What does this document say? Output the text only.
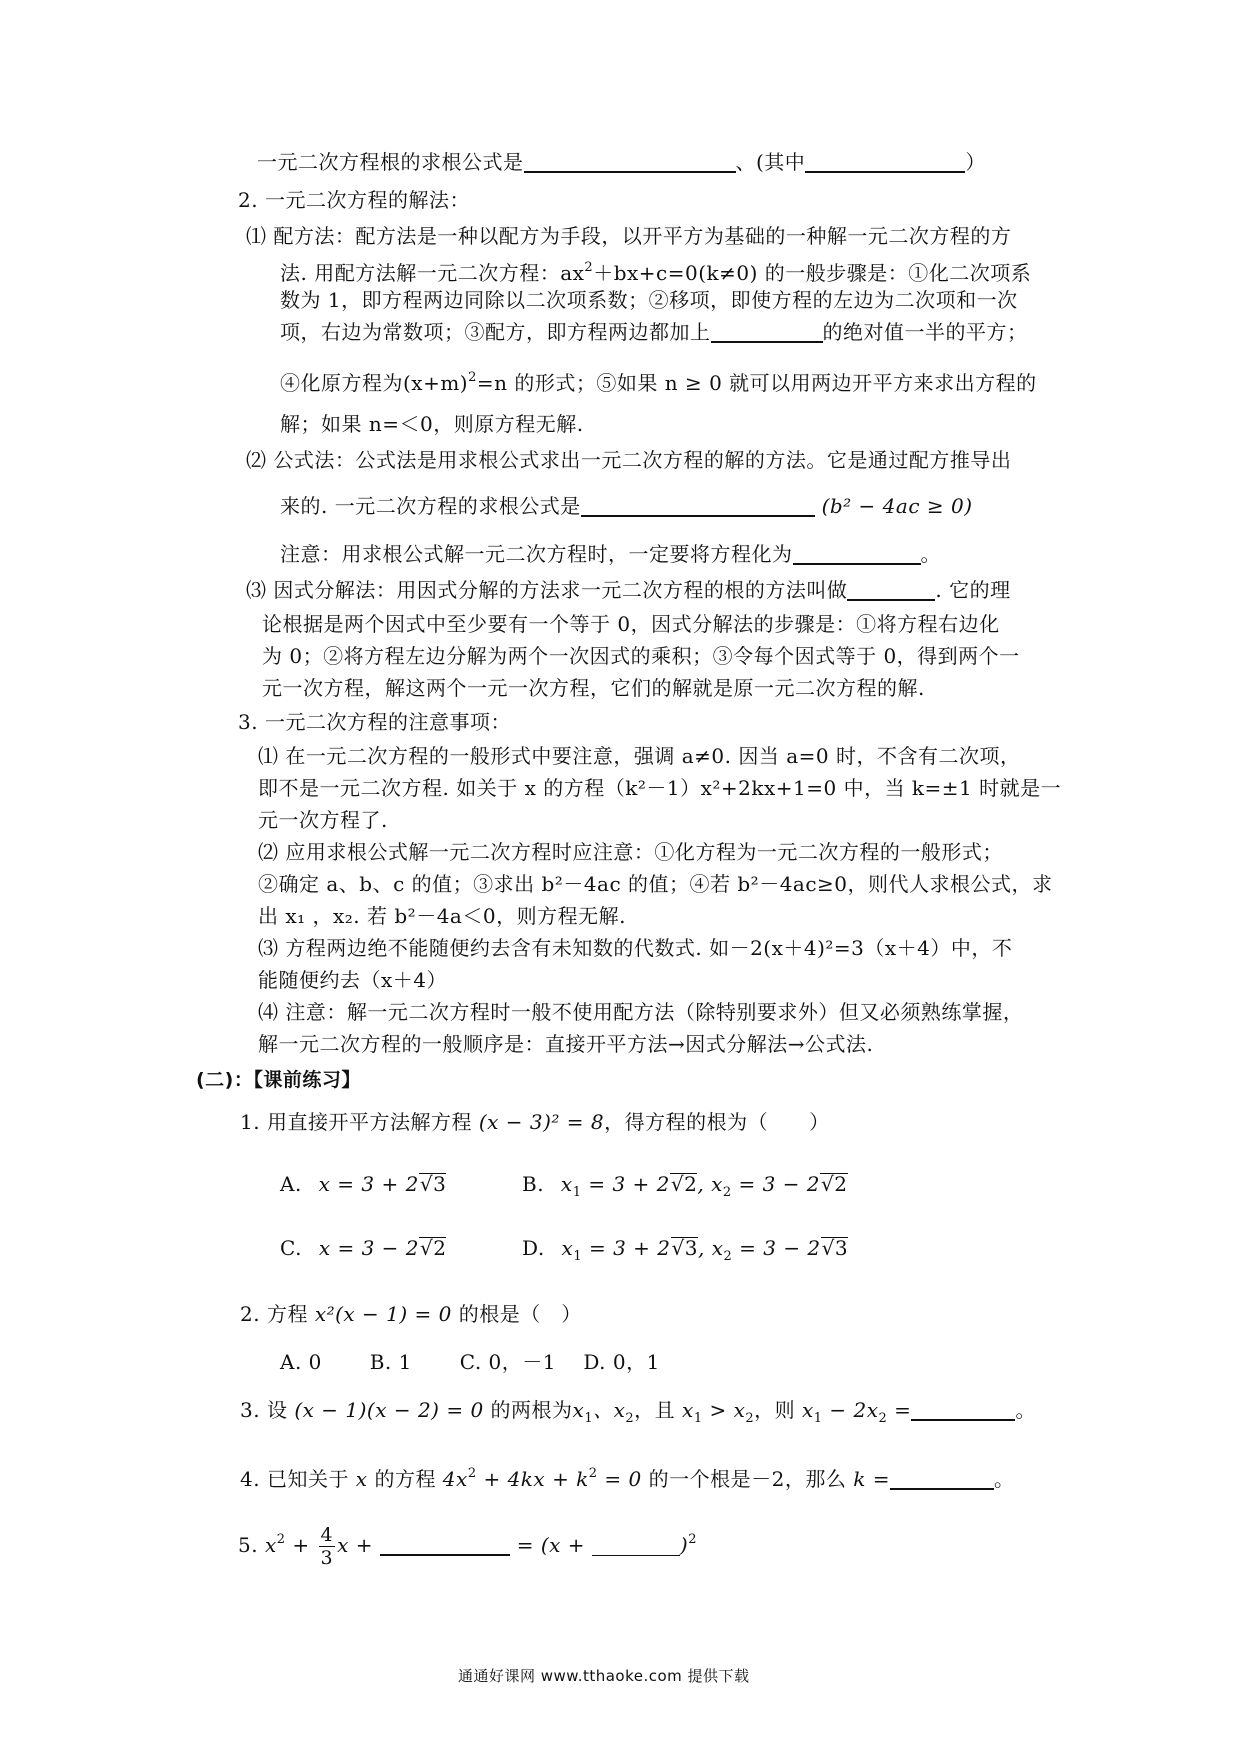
一元二次方程根的求根公式是	、(其中	）
2. 一元二次方程的解法：
⑴ 配方法：配方法是一种以配方为手段，以开平方为基础的一种解一元二次方程的方
法. 用配方法解一元二次方程：$ax^2+bx+c=0(k\ne 0)$ 的一般步骤是：①化二次项系
数为 1，即方程两边同除以二次项系数；②移项，即使方程的左边为二次项和一次
项，右边为常数项；③配方，即方程两边都加上	的绝对值一半的平方；
④化原方程为$(x+m)^2=n$ 的形式；⑤如果 n ≥ 0 就可以用两边开平方来求出方程的
解；如果 n=＜0，则原方程无解.
⑵ 公式法：公式法是用求根公式求出一元二次方程的解的方法。它是通过配方推导出
来的. 一元二次方程的求根公式是	(b² − 4ac ≥ 0)
注意：用求根公式解一元二次方程时，一定要将方程化为	。
⑶ 因式分解法：用因式分解的方法求一元二次方程的根的方法叫做	. 它的理
论根据是两个因式中至少要有一个等于 0，因式分解法的步骤是：①将方程右边化
为 0；②将方程左边分解为两个一次因式的乘积；③令每个因式等于 0，得到两个一
元一次方程，解这两个一元一次方程，它们的解就是原一元二次方程的解.
3. 一元二次方程的注意事项：
⑴ 在一元二次方程的一般形式中要注意，强调 a≠0. 因当 a=0 时，不含有二次项，
即不是一元二次方程. 如关于 x 的方程（k²－1）x²+2kx+1=0 中，当 k=±1 时就是一
元一次方程了.
⑵ 应用求根公式解一元二次方程时应注意：①化方程为一元二次方程的一般形式；
②确定 a、b、c 的值；③求出 b²－4ac 的值；④若 b²－4ac≥0，则代人求根公式，求
出 x₁ ，x₂. 若 b²－4a＜0，则方程无解.
⑶ 方程两边绝不能随便约去含有未知数的代数式. 如－2(x＋4)²=3（x＋4）中，不
能随便约去（x＋4）
⑷ 注意：解一元二次方程时一般不使用配方法（除特别要求外）但又必须熟练掌握，
解一元二次方程的一般顺序是：直接开平方法→因式分解法→公式法.
(二)：【课前练习】
1. 用直接开平方法解方程 (x − 3)² = 8，得方程的根为（　　）
A. x = 3 + 2√3	B. $x_1 = 3 + 2√2$, $x_2 = 3 - 2√2$
C. x = 3 − 2√2	D. $x_1 = 3 + 2√3$, $x_2 = 3 - 2√3$
2. 方程 x²(x − 1) = 0 的根是（　）
A. 0　　 B. 1　　 C. 0，－1　 D. 0，1
3. 设 (x − 1)(x − 2) = 0 的两根为$x_1$、$x_2$，且 $x_1 > x_2$，则 $x_1 - 2x_2$ =	。
4. 已知关于 x 的方程 $4x^2 + 4kx + k^2 = 0$ 的一个根是－2，那么 k =	。
5. $x^2 + \frac{4}{3}$ x +	= (x +	)$^2$
通通好课网 www.tthaoke.com 提供下载
